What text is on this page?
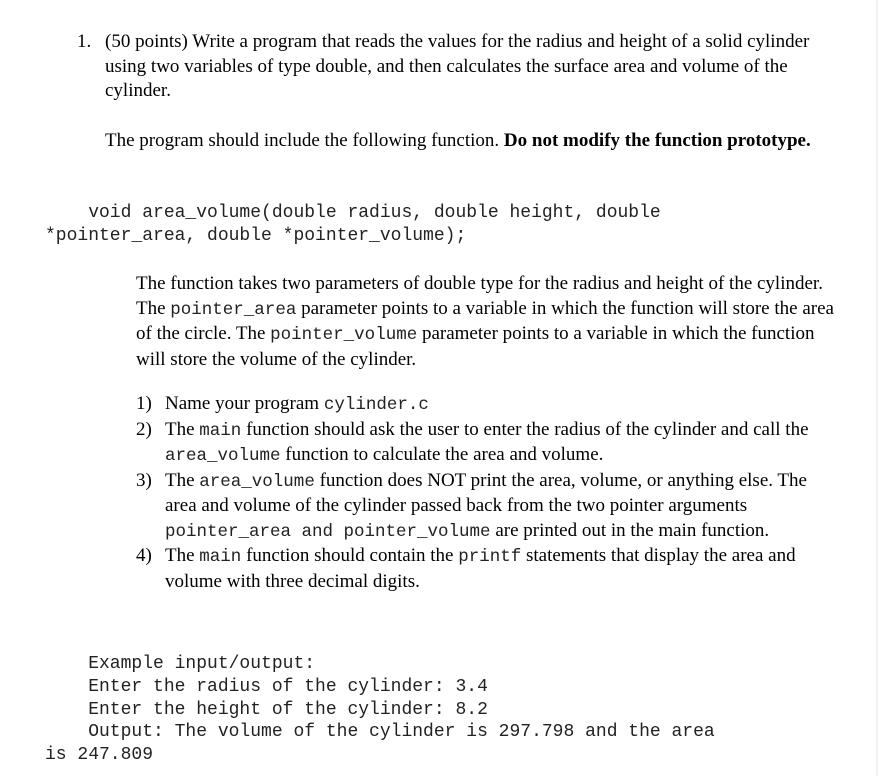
1. (50 points) Write a program that reads the values for the radius and height of a solid cylinder using two variables of type double, and then calculates the surface area and volume of the cylinder.
The program should include the following function. Do not modify the function prototype.
void area_volume(double radius, double height, double
*pointer_area, double *pointer_volume);
The function takes two parameters of double type for the radius and height of the cylinder. The pointer_area parameter points to a variable in which the function will store the area of the circle. The pointer_volume parameter points to a variable in which the function will store the volume of the cylinder.
1) Name your program cylinder.c
2) The main function should ask the user to enter the radius of the cylinder and call the area_volume function to calculate the area and volume.
3) The area_volume function does NOT print the area, volume, or anything else. The area and volume of the cylinder passed back from the two pointer arguments pointer_area and pointer_volume are printed out in the main function.
4) The main function should contain the printf statements that display the area and volume with three decimal digits.
Example input/output:
Enter the radius of the cylinder: 3.4
Enter the height of the cylinder: 8.2
Output: The volume of the cylinder is 297.798 and the area
is 247.809
